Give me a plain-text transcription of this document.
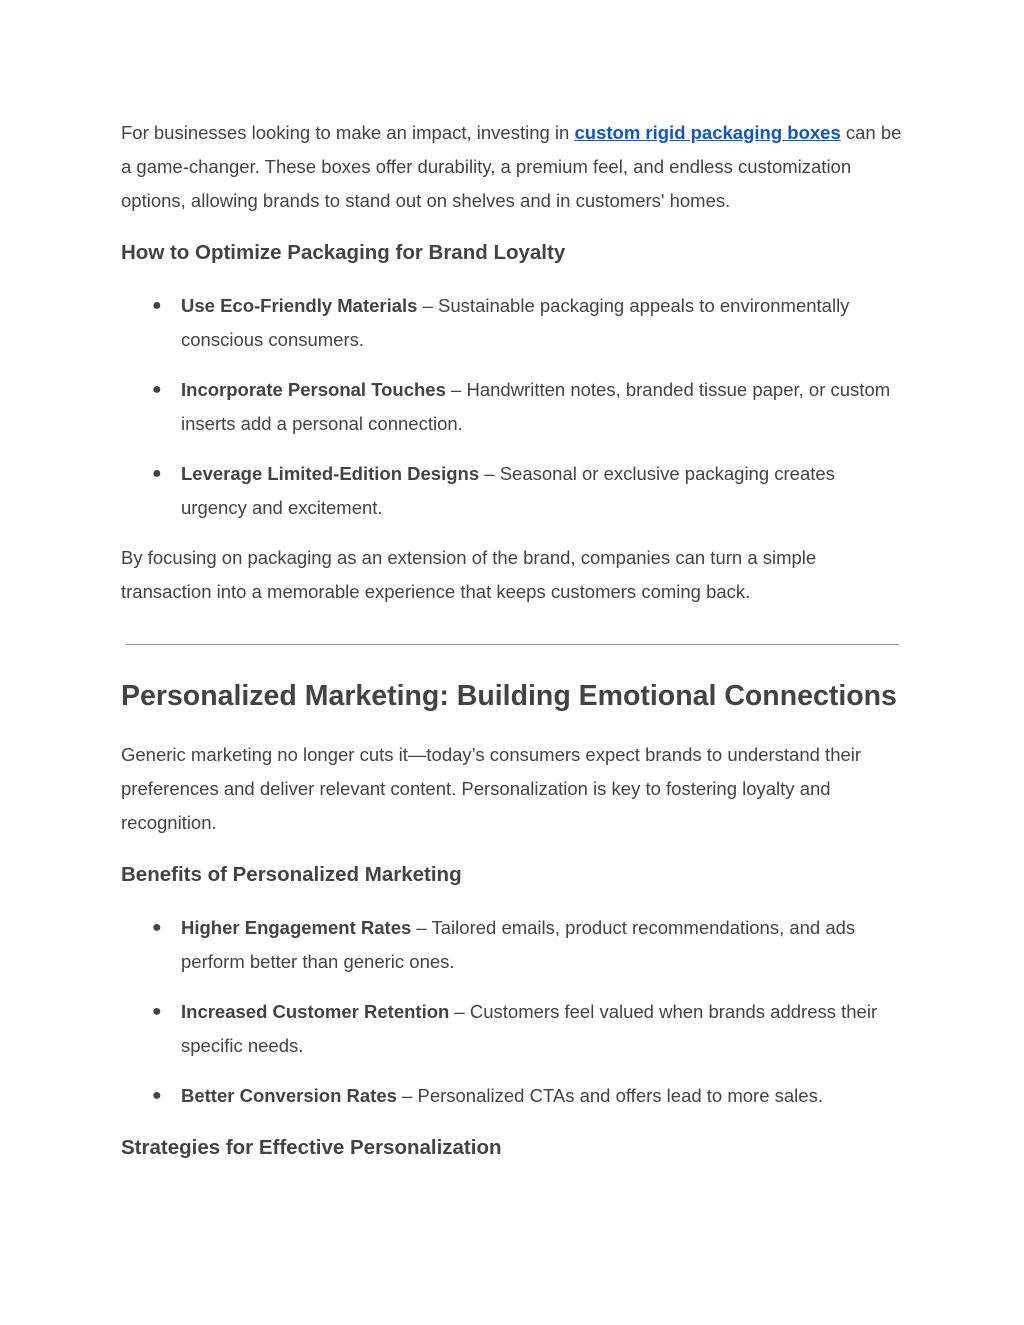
For businesses looking to make an impact, investing in custom rigid packaging boxes can be a game-changer. These boxes offer durability, a premium feel, and endless customization options, allowing brands to stand out on shelves and in customers' homes.

How to Optimize Packaging for Brand Loyalty
● Use Eco-Friendly Materials – Sustainable packaging appeals to environmentally conscious consumers.
● Incorporate Personal Touches – Handwritten notes, branded tissue paper, or custom inserts add a personal connection.
● Leverage Limited-Edition Designs – Seasonal or exclusive packaging creates urgency and excitement.

By focusing on packaging as an extension of the brand, companies can turn a simple transaction into a memorable experience that keeps customers coming back.

Personalized Marketing: Building Emotional Connections

Generic marketing no longer cuts it—today’s consumers expect brands to understand their preferences and deliver relevant content. Personalization is key to fostering loyalty and recognition.

Benefits of Personalized Marketing
● Higher Engagement Rates – Tailored emails, product recommendations, and ads perform better than generic ones.
● Increased Customer Retention – Customers feel valued when brands address their specific needs.
● Better Conversion Rates – Personalized CTAs and offers lead to more sales.
Strategies for Effective Personalization
